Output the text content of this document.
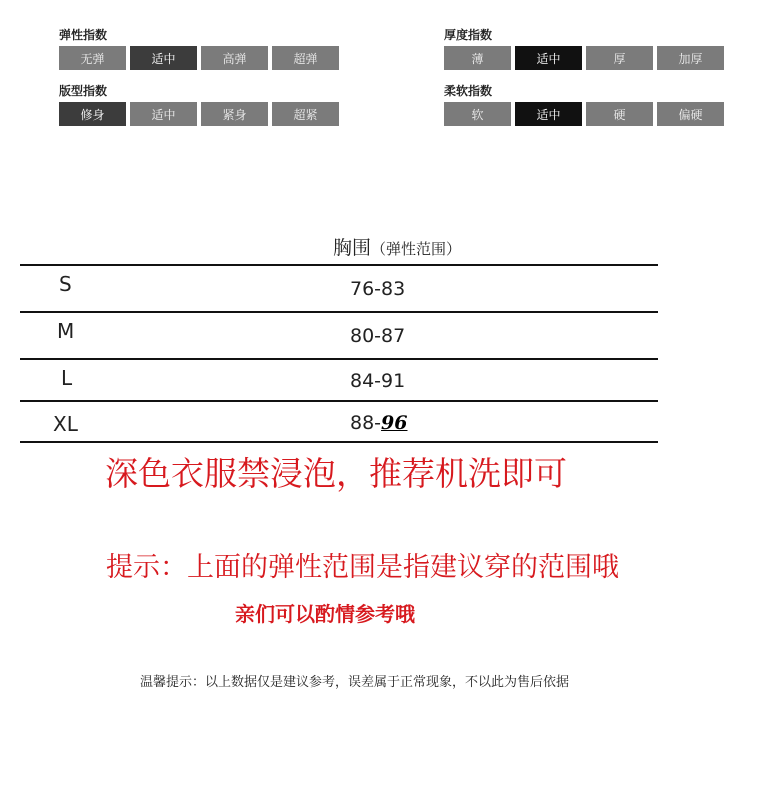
弹性指数
无弹	适中	高弹	超弹
厚度指数
薄	适中	厚	加厚
版型指数
修身	适中	紧身	超紧
柔软指数
软	适中	硬	偏硬
胸围（弹性范围）
S	76-83
M	80-87
L	84-91
XL	88-96
深色衣服禁浸泡，推荐机洗即可
提示：上面的弹性范围是指建议穿的范围哦
亲们可以酌情参考哦
温馨提示：以上数据仅是建议参考，误差属于正常现象，不以此为售后依据
